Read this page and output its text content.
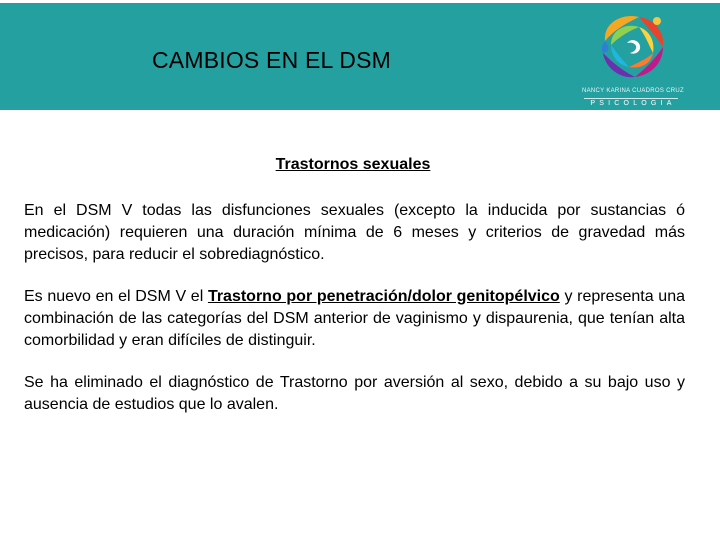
CAMBIOS EN EL DSM
NANCY KARINA CUADROS CRUZ
PSICOLOGIA
Trastornos sexuales
En el DSM V todas las disfunciones sexuales (excepto la inducida por sustancias ó medicación) requieren una duración mínima de 6 meses y criterios de gravedad más precisos, para reducir el sobrediagnóstico.
Es nuevo en el DSM V el Trastorno por penetración/dolor genitopélvico y representa una combinación de las categorías del DSM anterior de vaginismo y dispaurenia, que tenían alta comorbilidad y eran difíciles de distinguir.
Se ha eliminado el diagnóstico de Trastorno por aversión al sexo, debido a su bajo uso y ausencia de estudios que lo avalen.
